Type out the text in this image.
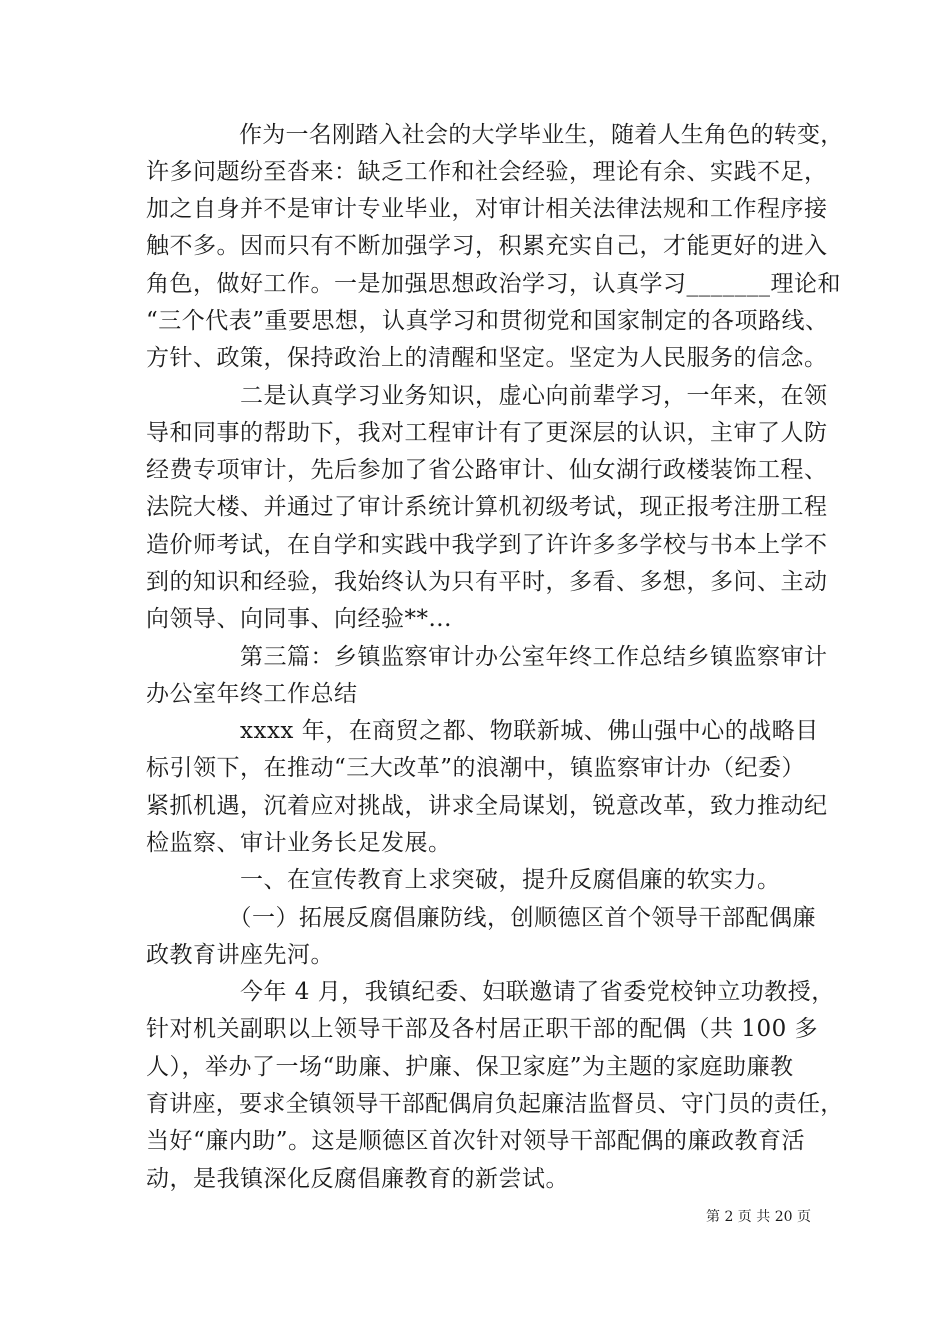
　　　　作为一名刚踏入社会的大学毕业生，随着人生角色的转变，
许多问题纷至沓来：缺乏工作和社会经验，理论有余、实践不足，
加之自身并不是审计专业毕业，对审计相关法律法规和工作程序接
触不多。因而只有不断加强学习，积累充实自己，才能更好的进入
角色，做好工作。一是加强思想政治学习，认真学习_______理论和
“三个代表”重要思想，认真学习和贯彻党和国家制定的各项路线、
方针、政策，保持政治上的清醒和坚定。坚定为人民服务的信念。
　　　　二是认真学习业务知识，虚心向前辈学习，一年来，在领
导和同事的帮助下，我对工程审计有了更深层的认识，主审了人防
经费专项审计，先后参加了省公路审计、仙女湖行政楼装饰工程、
法院大楼、并通过了审计系统计算机初级考试，现正报考注册工程
造价师考试，在自学和实践中我学到了许许多多学校与书本上学不
到的知识和经验，我始终认为只有平时，多看、多想，多问、主动
向领导、向同事、向经验**...
　　　　第三篇：乡镇监察审计办公室年终工作总结乡镇监察审计
办公室年终工作总结
　　　　xxxx 年，在商贸之都、物联新城、佛山强中心的战略目
标引领下，在推动“三大改革”的浪潮中，镇监察审计办（纪委）
紧抓机遇，沉着应对挑战，讲求全局谋划，锐意改革，致力推动纪
检监察、审计业务长足发展。
　　　　一、在宣传教育上求突破，提升反腐倡廉的软实力。
　　　　（一）拓展反腐倡廉防线，创顺德区首个领导干部配偶廉
政教育讲座先河。
　　　　今年 4 月，我镇纪委、妇联邀请了省委党校钟立功教授，
针对机关副职以上领导干部及各村居正职干部的配偶（共 100 多
人），举办了一场“助廉、护廉、保卫家庭”为主题的家庭助廉教
育讲座，要求全镇领导干部配偶肩负起廉洁监督员、守门员的责任，
当好“廉内助”。这是顺德区首次针对领导干部配偶的廉政教育活
动，是我镇深化反腐倡廉教育的新尝试。
第 2 页 共 20 页
